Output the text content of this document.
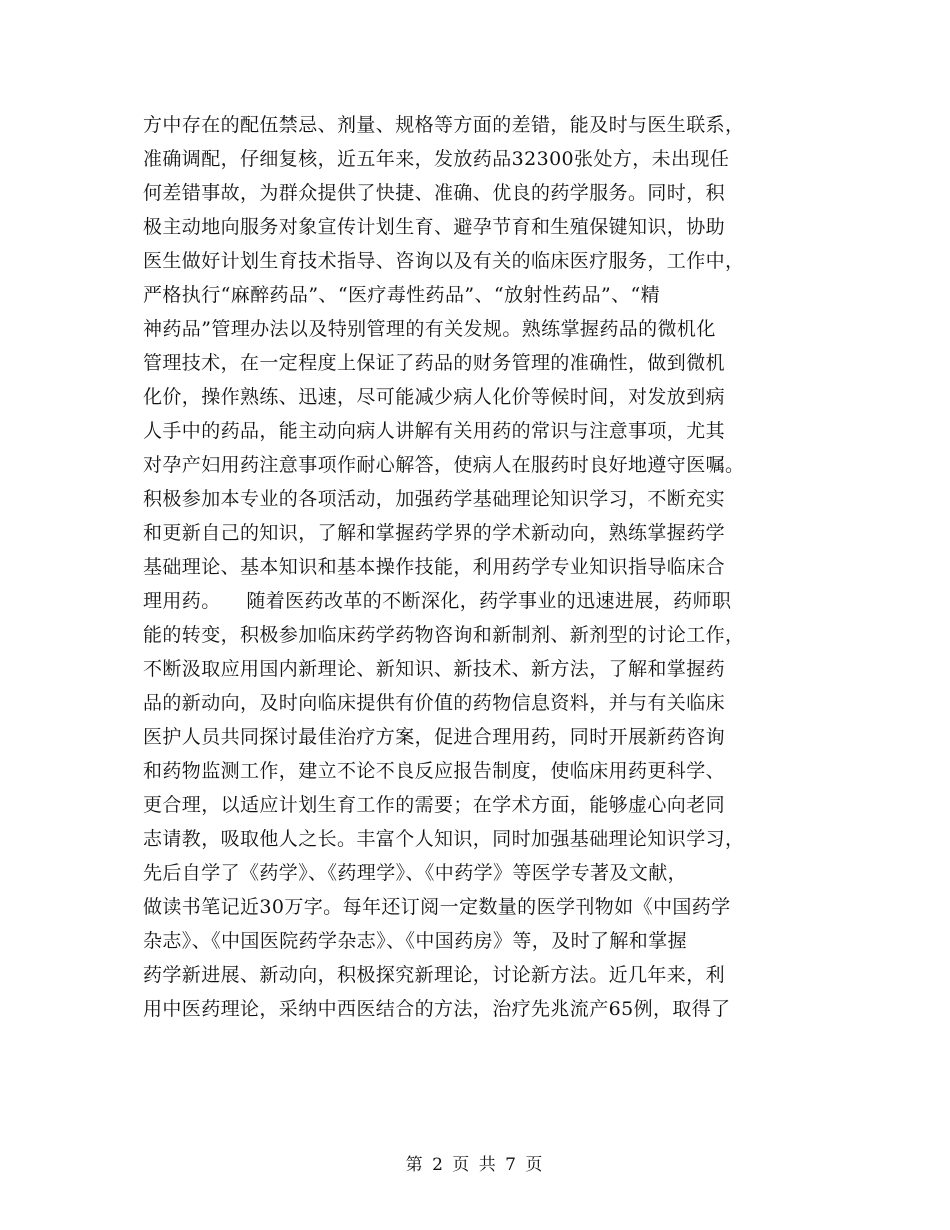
方中存在的配伍禁忌、剂量、规格等方面的差错，能及时与医生联系，
准确调配，仔细复核，近五年来，发放药品32300张处方，未出现任
何差错事故，为群众提供了快捷、准确、优良的药学服务。同时，积
极主动地向服务对象宣传计划生育、避孕节育和生殖保键知识，协助
医生做好计划生育技术指导、咨询以及有关的临床医疗服务，工作中，
严格执行“麻醉药品”、“医疗毒性药品”、“放射性药品”、“精
神药品”管理办法以及特别管理的有关发规。熟练掌握药品的微机化
管理技术，在一定程度上保证了药品的财务管理的准确性，做到微机
化价，操作熟练、迅速，尽可能减少病人化价等候时间，对发放到病
人手中的药品，能主动向病人讲解有关用药的常识与注意事项，尤其
对孕产妇用药注意事项作耐心解答，使病人在服药时良好地遵守医嘱。
积极参加本专业的各项活动，加强药学基础理论知识学习，不断充实
和更新自己的知识，了解和掌握药学界的学术新动向，熟练掌握药学
基础理论、基本知识和基本操作技能，利用药学专业知识指导临床合
理用药。    随着医药改革的不断深化，药学事业的迅速进展，药师职
能的转变，积极参加临床药学药物咨询和新制剂、新剂型的讨论工作，
不断汲取应用国内新理论、新知识、新技术、新方法，了解和掌握药
品的新动向，及时向临床提供有价值的药物信息资料，并与有关临床
医护人员共同探讨最佳治疗方案，促进合理用药，同时开展新药咨询
和药物监测工作，建立不论不良反应报告制度，使临床用药更科学、
更合理，以适应计划生育工作的需要；在学术方面，能够虚心向老同
志请教，吸取他人之长。丰富个人知识，同时加强基础理论知识学习，
先后自学了《药学》、《药理学》、《中药学》等医学专著及文献，
做读书笔记近30万字。每年还订阅一定数量的医学刊物如《中国药学
杂志》、《中国医院药学杂志》、《中国药房》等，及时了解和掌握
药学新进展、新动向，积极探究新理论，讨论新方法。近几年来，利
用中医药理论，采纳中西医结合的方法，治疗先兆流产65例，取得了
第 2 页 共 7 页
